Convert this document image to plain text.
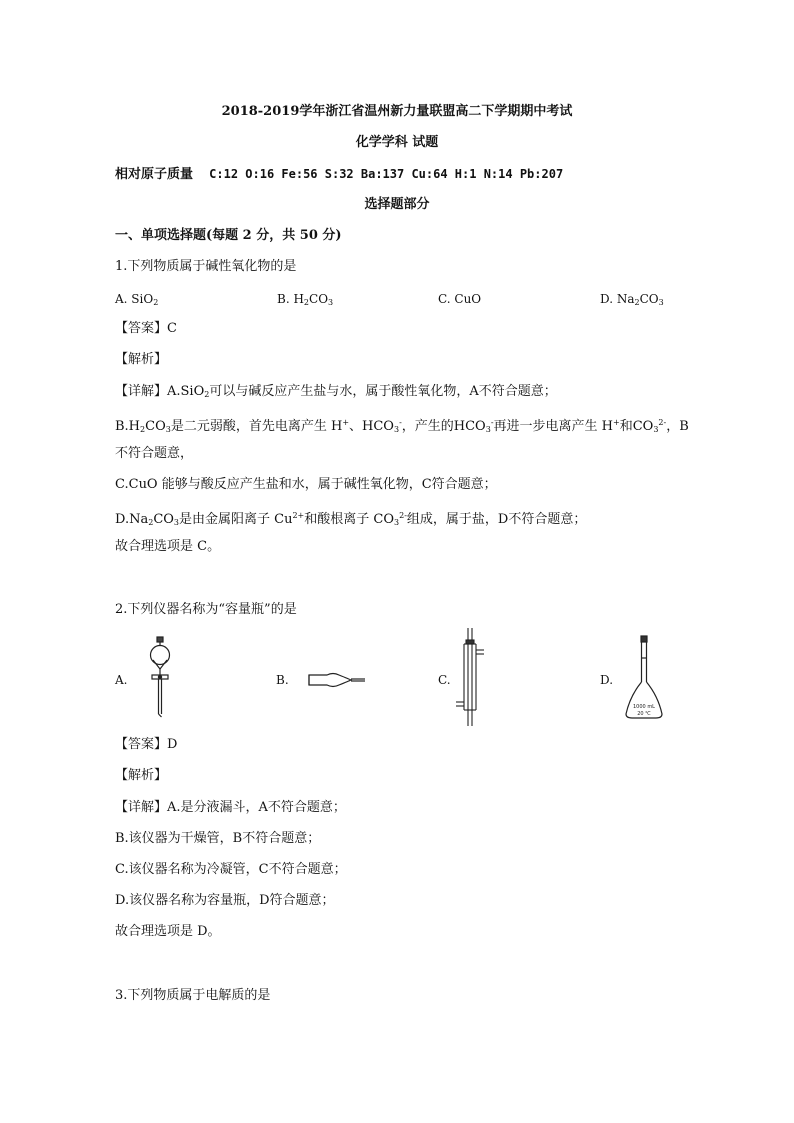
2018-2019学年浙江省温州新力量联盟高二下学期期中考试
化学学科 试题
相对原子质量 C:12 O:16 Fe:56 S:32 Ba:137 Cu:64 H:1 N:14 Pb:207
选择题部分
一、单项选择题(每题 2 分，共 50 分)
1.下列物质属于碱性氧化物的是
A. SiO$_2$	B. $H_2CO_3$	C. CuO	D. $Na_2CO_3$
【答案】C
【解析】
【详解】A.SiO$_2$可以与碱反应产生盐与水，属于酸性氧化物，A不符合题意；
$B.H_2CO_3$是二元弱酸，首先电离产生 H+、$HCO_3^-$，产生的$HCO_3^-$再进一步电离产生 H+和$CO_3^{2-}$，B
不符合题意，
C.CuO 能够与酸反应产生盐和水，属于碱性氧化物，C符合题意；
$D.Na_2CO_3$是由金属阳离子 $Cu^{2+}$和酸根离子 $CO_3^{2-}$组成，属于盐，D不符合题意；
故合理选项是 C。
2.下列仪器名称为“容量瓶”的是
A.	B.	C.	D.
1000 mL
20 ℃
【答案】D
【解析】
【详解】A.是分液漏斗，A不符合题意；
B.该仪器为干燥管，B不符合题意；
C.该仪器名称为冷凝管，C不符合题意；
D.该仪器名称为容量瓶，D符合题意；
故合理选项是 D。
3.下列物质属于电解质的是
